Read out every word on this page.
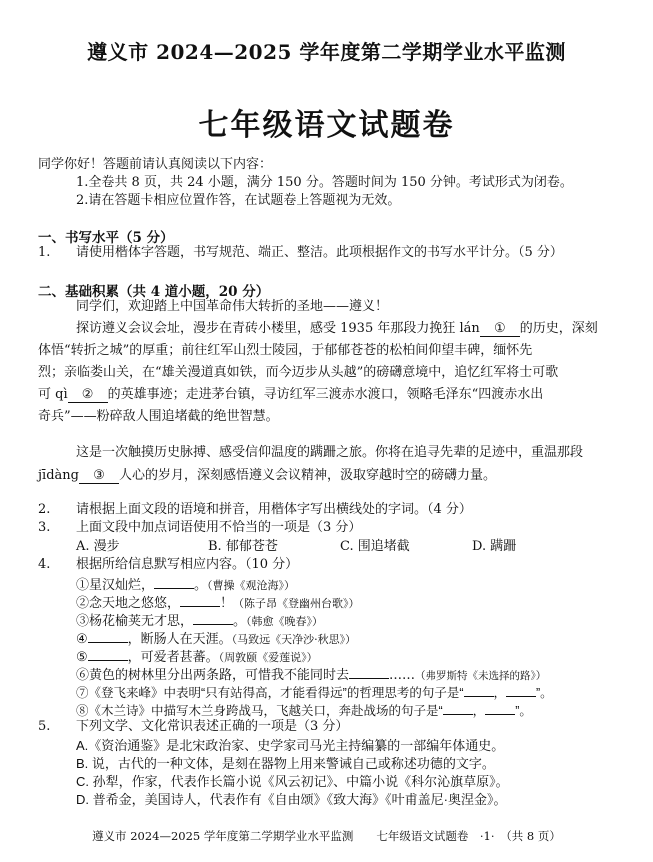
遵义市 2024—2025 学年度第二学期学业水平监测
七年级语文试题卷
同学你好！答题前请认真阅读以下内容：
1.全卷共 8 页，共 24 小题，满分 150 分。答题时间为 150 分钟。考试形式为闭卷。
2.请在答题卡相应位置作答，在试题卷上答题视为无效。
一、书写水平（5 分）
1. 请使用楷体字答题，书写规范、端正、整洁。此项根据作文的书写水平计分。（5 分）
二、基础积累（共 4 道小题，20 分）
同学们，欢迎踏上中国革命伟大转折的圣地——遵义！
探访遵义会议会址，漫步在青砖小楼里，感受 1935 年那段力挽狂 lán ① 的历史，深刻
体悟“转折之城”的厚重；前往红军山烈士陵园，于郁郁苍苍的松柏间仰望丰碑，缅怀先
烈；亲临娄山关，在“雄关漫道真如铁，而今迈步从头越”的磅礴意境中，追忆红军将士可歌
可 qì ② 的英雄事迹；走进茅台镇，寻访红军三渡赤水渡口，领略毛泽东“四渡赤水出
奇兵”——粉碎敌人围追堵截的绝世智慧。
这是一次触摸历史脉搏、感受信仰温度的蹒跚之旅。你将在追寻先辈的足迹中，重温那段
jīdàng ③ 人心的岁月，深刻感悟遵义会议精神，汲取穿越时空的磅礴力量。
2. 请根据上面文段的语境和拼音，用楷体字写出横线处的字词。（4 分）
3. 上面文段中加点词语使用不恰当的一项是（3 分）
A. 漫步	B. 郁郁苍苍	C. 围追堵截	D. 蹒跚
4. 根据所给信息默写相应内容。（10 分）
①星汉灿烂，	。（曹操《观沧海》）
②念天地之悠悠，	！（陈子昂《登幽州台歌》）
③杨花榆荚无才思，	。（韩愈《晚春》）
④	，断肠人在天涯。（马致远《天净沙·秋思》）
⑤	，可爱者甚蕃。（周敦颐《爱莲说》）
⑥黄色的树林里分出两条路，可惜我不能同时去	……（弗罗斯特《未选择的路》）
⑦《登飞来峰》中表明“只有站得高，才能看得远”的哲理思考的句子是“ ， ”。
⑧《木兰诗》中描写木兰身跨战马，飞越关口，奔赴战场的句子是“ ， ”。
5. 下列文学、文化常识表述正确的一项是（3 分）
A.《资治通鉴》是北宋政治家、史学家司马光主持编纂的一部编年体通史。
B. 说，古代的一种文体，是刻在器物上用来警诫自己或称述功德的文字。
C. 孙犁，作家，代表作长篇小说《风云初记》、中篇小说《科尔沁旗草原》。
D. 普希金，美国诗人，代表作有《自由颂》《致大海》《叶甫盖尼·奥涅金》。
遵义市 2024—2025 学年度第二学期学业水平监测　　七年级语文试题卷　·1·　（共 8 页）
